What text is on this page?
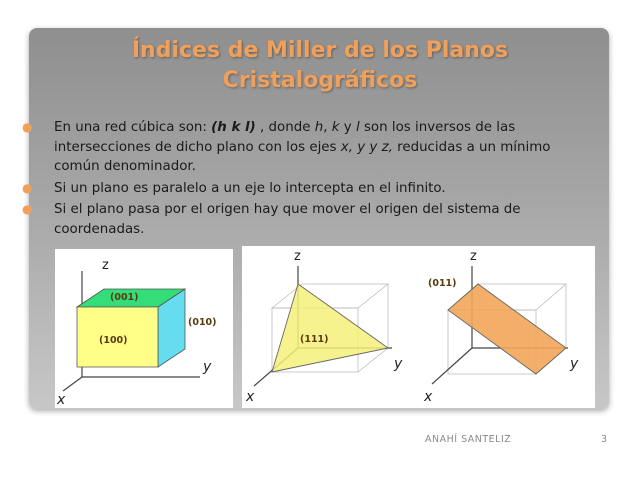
Índices de Miller de los Planos
Cristalográficos
● En una red cúbica son: (h k l) , donde h, k y l son los inversos de las intersecciones de dicho plano con los ejes x, y y z, reducidas a un mínimo común denominador.
● Si un plano es paralelo a un eje lo intercepta en el infinito.
● Si el plano pasa por el origen hay que mover el origen del sistema de coordenadas.
z
y
x
(001)
(010)
(100)
z
y
x
(111)
z
y
x
(011)
ANAHÍ SANTELIZ	3
